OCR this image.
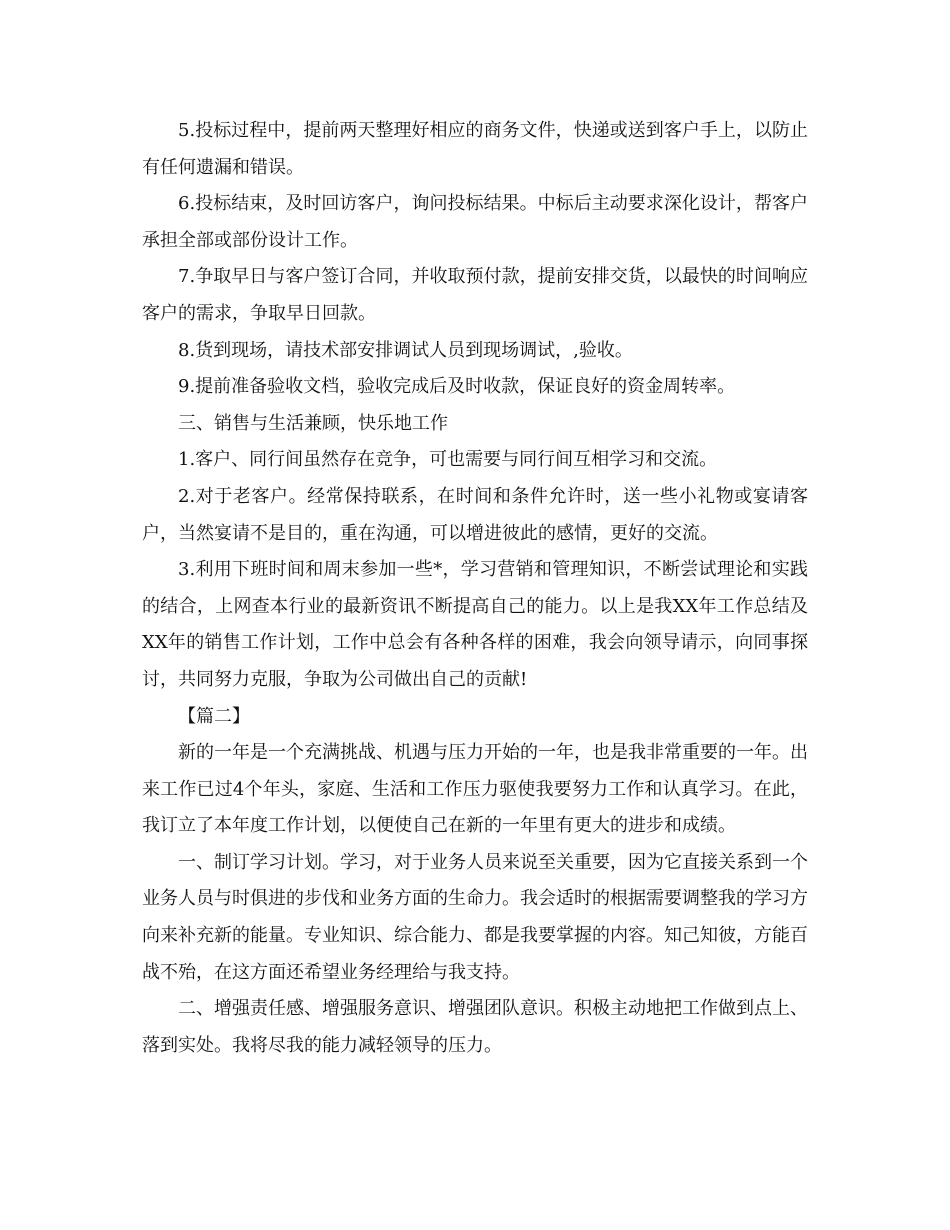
5.投标过程中，提前两天整理好相应的商务文件，快递或送到客户手上，以防止有任何遗漏和错误。

6.投标结束，及时回访客户，询问投标结果。中标后主动要求深化设计，帮客户承担全部或部份设计工作。

7.争取早日与客户签订合同，并收取预付款，提前安排交货，以最快的时间响应客户的需求，争取早日回款。

8.货到现场，请技术部安排调试人员到现场调试，,验收。

9.提前准备验收文档，验收完成后及时收款，保证良好的资金周转率。

三、销售与生活兼顾，快乐地工作

1.客户、同行间虽然存在竞争，可也需要与同行间互相学习和交流。

2.对于老客户。经常保持联系，在时间和条件允许时，送一些小礼物或宴请客户，当然宴请不是目的，重在沟通，可以增进彼此的感情，更好的交流。

3.利用下班时间和周末参加一些*，学习营销和管理知识，不断尝试理论和实践的结合，上网查本行业的最新资讯不断提高自己的能力。以上是我XX年工作总结及XX年的销售工作计划，工作中总会有各种各样的困难，我会向领导请示，向同事探讨，共同努力克服，争取为公司做出自己的贡献!

【篇二】

新的一年是一个充满挑战、机遇与压力开始的一年，也是我非常重要的一年。出来工作已过4个年头，家庭、生活和工作压力驱使我要努力工作和认真学习。在此，我订立了本年度工作计划，以便使自己在新的一年里有更大的进步和成绩。

一、制订学习计划。学习，对于业务人员来说至关重要，因为它直接关系到一个业务人员与时俱进的步伐和业务方面的生命力。我会适时的根据需要调整我的学习方向来补充新的能量。专业知识、综合能力、都是我要掌握的内容。知己知彼，方能百战不殆，在这方面还希望业务经理给与我支持。

二、增强责任感、增强服务意识、增强团队意识。积极主动地把工作做到点上、落到实处。我将尽我的能力减轻领导的压力。
